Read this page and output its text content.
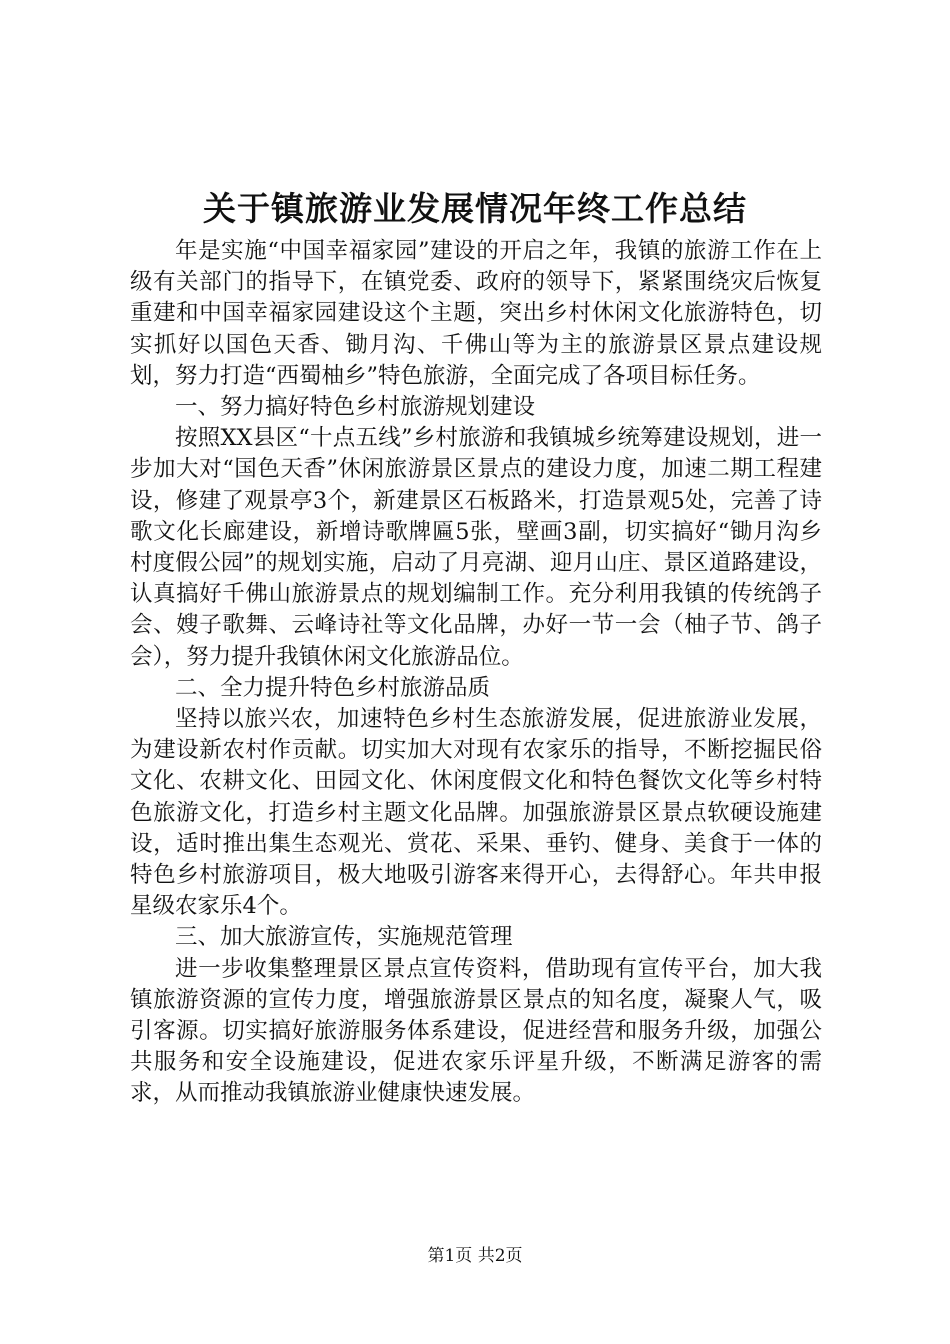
关于镇旅游业发展情况年终工作总结

年是实施“中国幸福家园”建设的开启之年，我镇的旅游工作在上级有关部门的指导下，在镇党委、政府的领导下，紧紧围绕灾后恢复重建和中国幸福家园建设这个主题，突出乡村休闲文化旅游特色，切实抓好以国色天香、锄月沟、千佛山等为主的旅游景区景点建设规划，努力打造“西蜀柚乡”特色旅游，全面完成了各项目标任务。

一、努力搞好特色乡村旅游规划建设

按照XX县区“十点五线”乡村旅游和我镇城乡统筹建设规划，进一步加大对“国色天香”休闲旅游景区景点的建设力度，加速二期工程建设，修建了观景亭3个，新建景区石板路米，打造景观5处，完善了诗歌文化长廊建设，新增诗歌牌匾5张，壁画3副，切实搞好“锄月沟乡村度假公园”的规划实施，启动了月亮湖、迎月山庄、景区道路建设，认真搞好千佛山旅游景点的规划编制工作。充分利用我镇的传统鸽子会、嫂子歌舞、云峰诗社等文化品牌，办好一节一会（柚子节、鸽子会），努力提升我镇休闲文化旅游品位。

二、全力提升特色乡村旅游品质

坚持以旅兴农，加速特色乡村生态旅游发展，促进旅游业发展，为建设新农村作贡献。切实加大对现有农家乐的指导，不断挖掘民俗文化、农耕文化、田园文化、休闲度假文化和特色餐饮文化等乡村特色旅游文化，打造乡村主题文化品牌。加强旅游景区景点软硬设施建设，适时推出集生态观光、赏花、采果、垂钓、健身、美食于一体的特色乡村旅游项目，极大地吸引游客来得开心，去得舒心。年共申报星级农家乐4个。

三、加大旅游宣传，实施规范管理

进一步收集整理景区景点宣传资料，借助现有宣传平台，加大我镇旅游资源的宣传力度，增强旅游景区景点的知名度，凝聚人气，吸引客源。切实搞好旅游服务体系建设，促进经营和服务升级，加强公共服务和安全设施建设，促进农家乐评星升级，不断满足游客的需求，从而推动我镇旅游业健康快速发展。

第1页 共2页
